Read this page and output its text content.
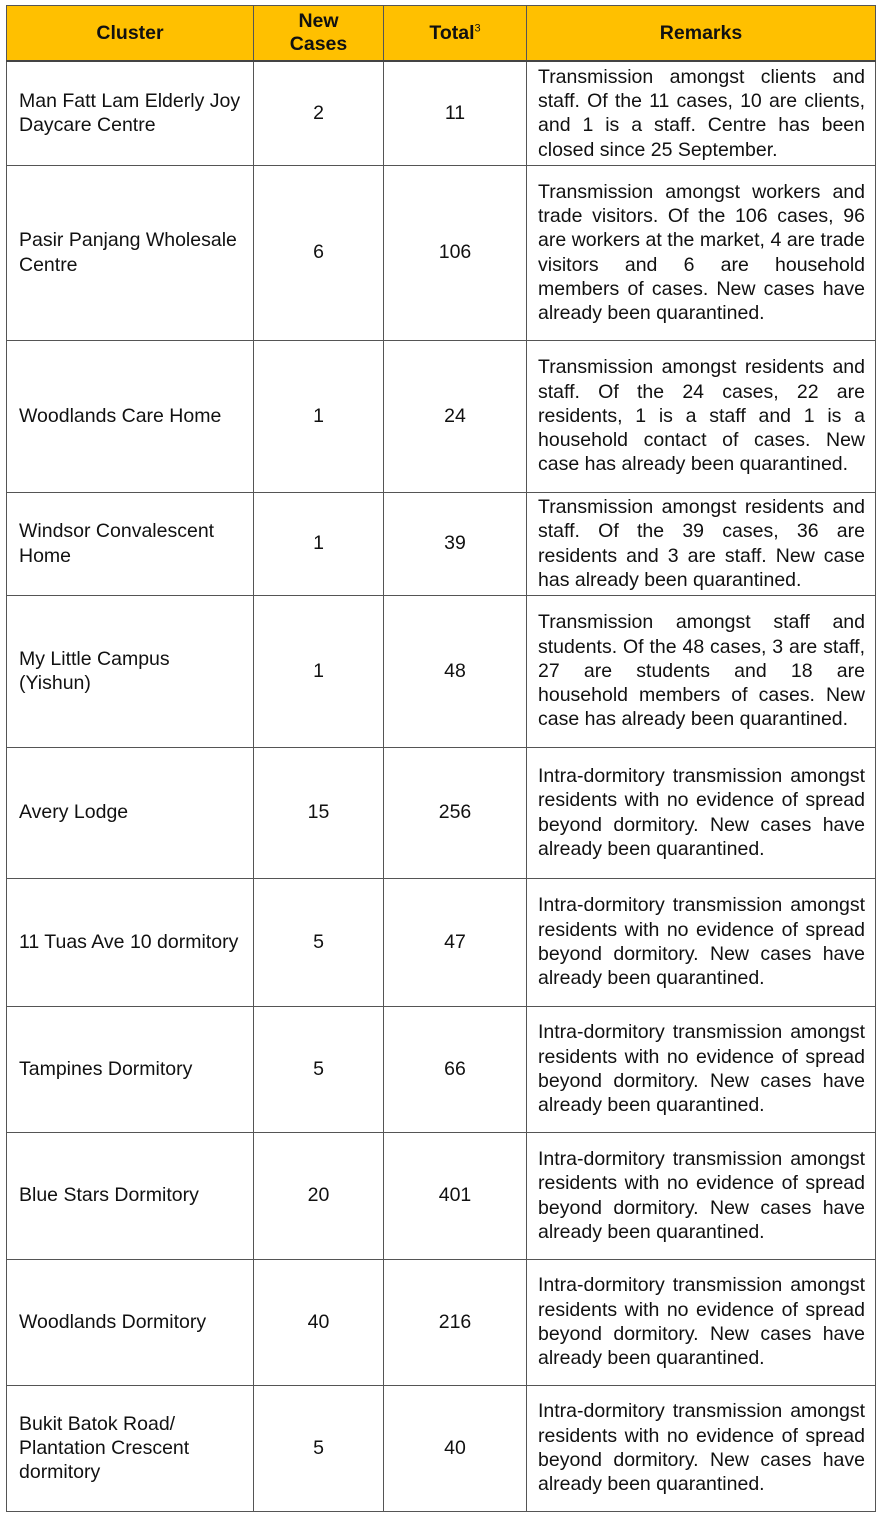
Cluster	New Cases	Total$^3$	Remarks
Man Fatt Lam Elderly Joy Daycare Centre	2	11	Transmission amongst clients and staff. Of the 11 cases, 10 are clients, and 1 is a staff. Centre has been closed since 25 September.
Pasir Panjang Wholesale Centre	6	106	Transmission amongst workers and trade visitors. Of the 106 cases, 96 are workers at the market, 4 are trade visitors and 6 are household members of cases. New cases have already been quarantined.
Woodlands Care Home	1	24	Transmission amongst residents and staff. Of the 24 cases, 22 are residents, 1 is a staff and 1 is a household contact of cases. New case has already been quarantined.
Windsor Convalescent Home	1	39	Transmission amongst residents and staff. Of the 39 cases, 36 are residents and 3 are staff. New case has already been quarantined.
My Little Campus (Yishun)	1	48	Transmission amongst staff and students. Of the 48 cases, 3 are staff, 27 are students and 18 are household members of cases. New case has already been quarantined.
Avery Lodge	15	256	Intra-dormitory transmission amongst residents with no evidence of spread beyond dormitory. New cases have already been quarantined.
11 Tuas Ave 10 dormitory	5	47	Intra-dormitory transmission amongst residents with no evidence of spread beyond dormitory. New cases have already been quarantined.
Tampines Dormitory	5	66	Intra-dormitory transmission amongst residents with no evidence of spread beyond dormitory. New cases have already been quarantined.
Blue Stars Dormitory	20	401	Intra-dormitory transmission amongst residents with no evidence of spread beyond dormitory. New cases have already been quarantined.
Woodlands Dormitory	40	216	Intra-dormitory transmission amongst residents with no evidence of spread beyond dormitory. New cases have already been quarantined.
Bukit Batok Road/ Plantation Crescent dormitory	5	40	Intra-dormitory transmission amongst residents with no evidence of spread beyond dormitory. New cases have already been quarantined.
